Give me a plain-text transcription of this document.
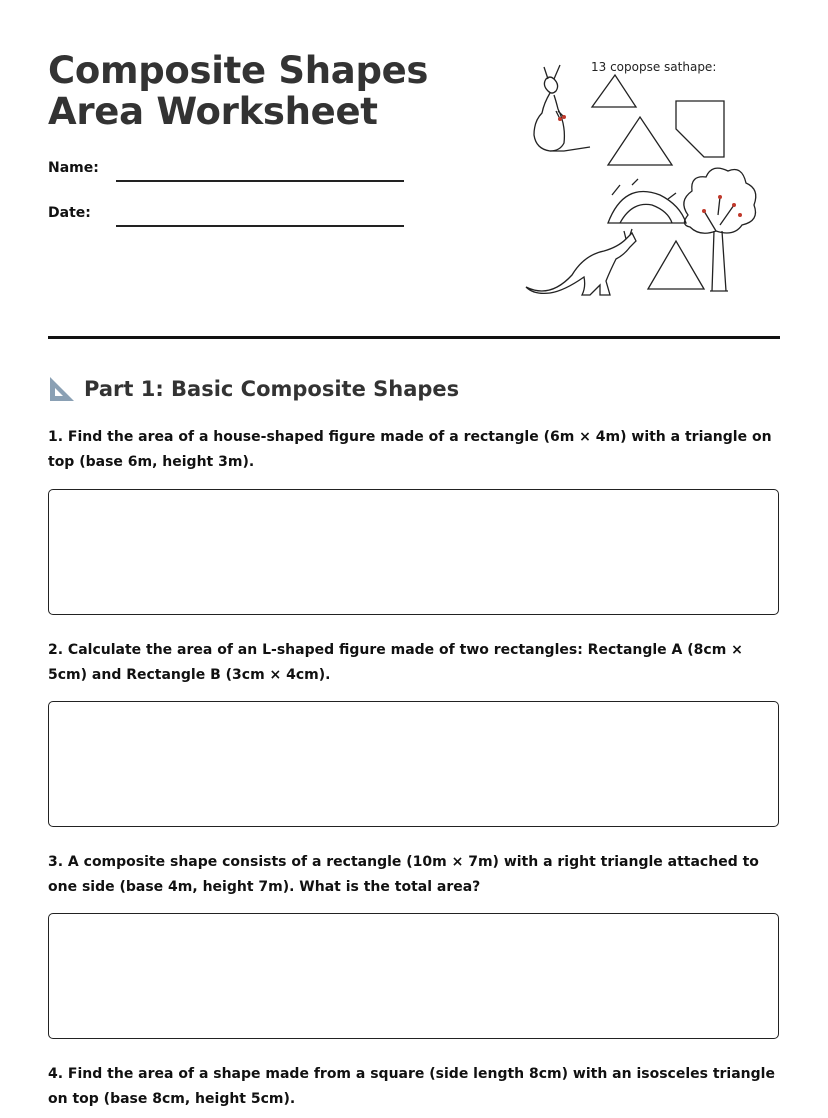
Composite Shapes Area Worksheet
Name:
Date:
13 copopse sathape:
Part 1: Basic Composite Shapes

1. Find the area of a house-shaped figure made of a rectangle (6m × 4m) with a triangle on top (base 6m, height 3m).

2. Calculate the area of an L-shaped figure made of two rectangles: Rectangle A (8cm × 5cm) and Rectangle B (3cm × 4cm).

3. A composite shape consists of a rectangle (10m × 7m) with a right triangle attached to one side (base 4m, height 7m). What is the total area?

4. Find the area of a shape made from a square (side length 8cm) with an isosceles triangle on top (base 8cm, height 5cm).
